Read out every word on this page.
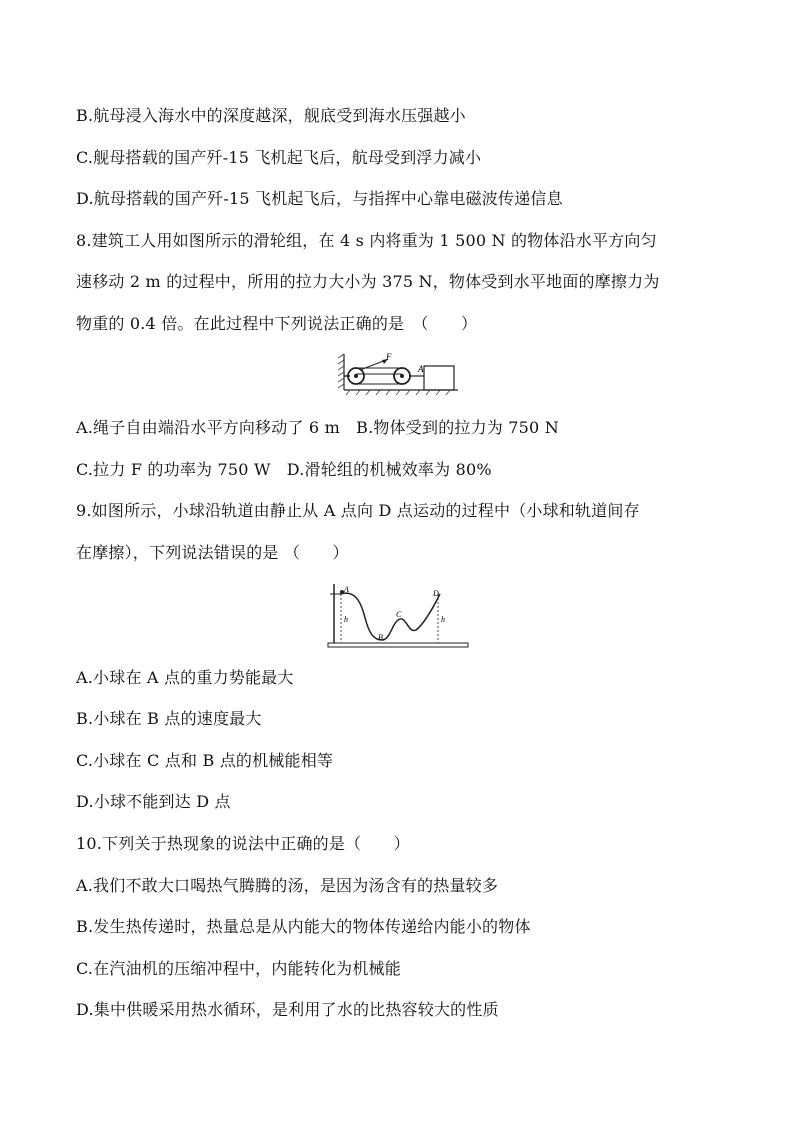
B.航母浸入海水中的深度越深，舰底受到海水压强越小
C.舰母搭载的国产歼-15 飞机起飞后，航母受到浮力减小
D.航母搭载的国产歼-15 飞机起飞后，与指挥中心靠电磁波传递信息
8.建筑工人用如图所示的滑轮组，在 4 s 内将重为 1 500 N 的物体沿水平方向匀
速移动 2 m 的过程中，所用的拉力大小为 375 N，物体受到水平地面的摩擦力为
物重的 0.4 倍。在此过程中下列说法正确的是　（　　）
F
A
A.绳子自由端沿水平方向移动了 6 m　B.物体受到的拉力为 750 N
C.拉力 F 的功率为 750 W　D.滑轮组的机械效率为 80%
9.如图所示，小球沿轨道由静止从 A 点向 D 点运动的过程中（小球和轨道间存
在摩擦），下列说法错误的是 （　　）
A
B
C
D
h	h
A.小球在 A 点的重力势能最大
B.小球在 B 点的速度最大
C.小球在 C 点和 B 点的机械能相等
D.小球不能到达 D 点
10.下列关于热现象的说法中正确的是（　　）
A.我们不敢大口喝热气腾腾的汤，是因为汤含有的热量较多
B.发生热传递时，热量总是从内能大的物体传递给内能小的物体
C.在汽油机的压缩冲程中，内能转化为机械能
D.集中供暖采用热水循环，是利用了水的比热容较大的性质
